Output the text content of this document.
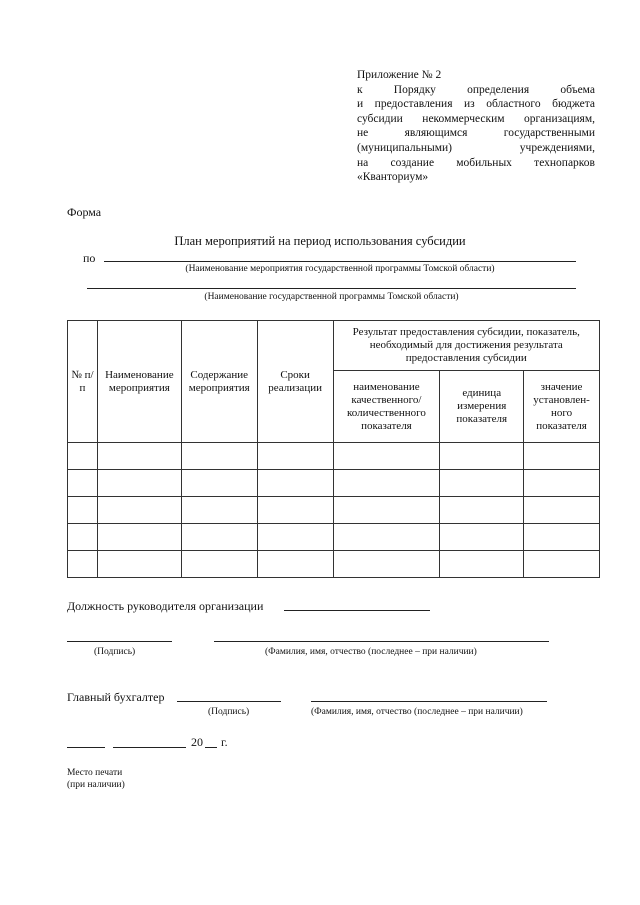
Приложение № 2
к Порядку определения объема
и предоставления из областного бюджета
субсидии некоммерческим организациям,
не являющимся государственными
(муниципальными) учреждениями,
на создание мобильных технопарков
«Кванториум»
Форма
План мероприятий на период использования субсидии
по
(Наименование мероприятия государственной программы Томской области)
(Наименование государственной программы Томской области)
№ п/п	Наименование мероприятия	Содержание мероприятия	Сроки реализации	Результат предоставления субсидии, показатель, необходимый для достижения результата предоставления субсидии		
				наименование качественного/ количественного показателя	единица измерения показателя	значение установлен- ного показателя

Должность руководителя организации
(Подпись)	(Фамилия, имя, отчество (последнее – при наличии)
Главный бухгалтер
(Подпись)	(Фамилия, имя, отчество (последнее – при наличии)
20 г.
Место печати
(при наличии)
